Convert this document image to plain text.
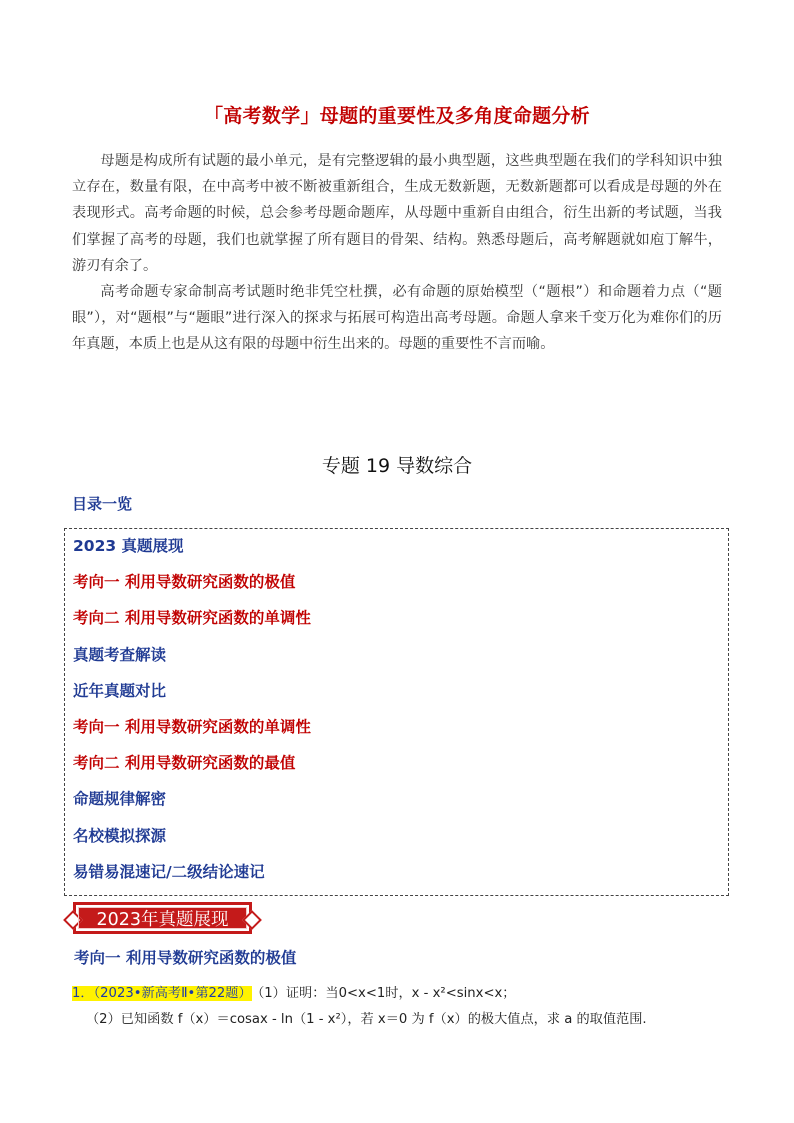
「高考数学」母题的重要性及多角度命题分析

母题是构成所有试题的最小单元，是有完整逻辑的最小典型题，这些典型题在我们的学科知识中独立存在，数量有限，在中高考中被不断被重新组合，生成无数新题，无数新题都可以看成是母题的外在表现形式。高考命题的时候，总会参考母题命题库，从母题中重新自由组合，衍生出新的考试题，当我们掌握了高考的母题，我们也就掌握了所有题目的骨架、结构。熟悉母题后，高考解题就如庖丁解牛，游刃有余了。

高考命题专家命制高考试题时绝非凭空杜撰，必有命题的原始模型（“题根”）和命题着力点（“题眼”），对“题根”与“题眼”进行深入的探求与拓展可构造出高考母题。命题人拿来千变万化为难你们的历年真题，本质上也是从这有限的母题中衍生出来的。母题的重要性不言而喻。

专题 19 导数综合
目录一览
2023 真题展现
考向一 利用导数研究函数的极值
考向二 利用导数研究函数的单调性
真题考查解读
近年真题对比
考向一 利用导数研究函数的单调性
考向二 利用导数研究函数的最值
命题规律解密
名校模拟探源
易错易混速记/二级结论速记
2023年真题展现
考向一 利用导数研究函数的极值
1．（2023•新高考Ⅱ•第22题） （1）证明：当0<x<1时，x - x²<sinx<x；
（2）已知函数 f（x）＝cosax - ln（1 - x²），若 x＝0 为 f（x）的极大值点，求 a 的取值范围.
